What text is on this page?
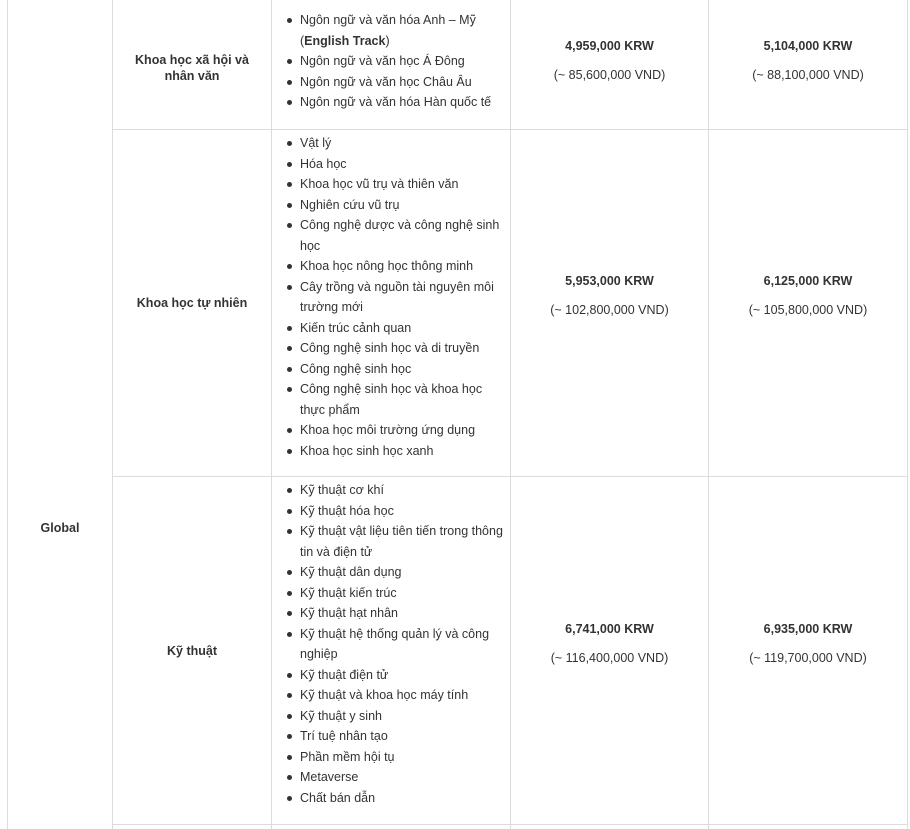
Global
Khoa học xã hội và nhân văn
Ngôn ngữ và văn hóa Anh – Mỹ
(English Track)
Ngôn ngữ và văn học Á Đông
Ngôn ngữ và văn học Châu Âu
Ngôn ngữ và văn hóa Hàn quốc tế
4,959,000 KRW
(~ 85,600,000 VND)
5,104,000 KRW
(~ 88,100,000 VND)
Khoa học tự nhiên
Vật lý
Hóa học
Khoa học vũ trụ và thiên văn
Nghiên cứu vũ trụ
Công nghệ dược và công nghệ sinh học
Khoa học nông học thông minh
Cây trồng và nguồn tài nguyên môi trường mới
Kiến trúc cảnh quan
Công nghệ sinh học và di truyền
Công nghệ sinh học
Công nghệ sinh học và khoa học thực phẩm
Khoa học môi trường ứng dụng
Khoa học sinh học xanh
5,953,000 KRW
(~ 102,800,000 VND)
6,125,000 KRW
(~ 105,800,000 VND)
Kỹ thuật
Kỹ thuật cơ khí
Kỹ thuật hóa học
Kỹ thuật vật liệu tiên tiến trong thông tin và điện tử
Kỹ thuật dân dụng
Kỹ thuật kiến trúc
Kỹ thuật hạt nhân
Kỹ thuật hệ thống quản lý và công nghiệp
Kỹ thuật điện tử
Kỹ thuật và khoa học máy tính
Kỹ thuật y sinh
Trí tuệ nhân tạo
Phần mềm hội tụ
Metaverse
Chất bán dẫn
6,741,000 KRW
(~ 116,400,000 VND)
6,935,000 KRW
(~ 119,700,000 VND)
